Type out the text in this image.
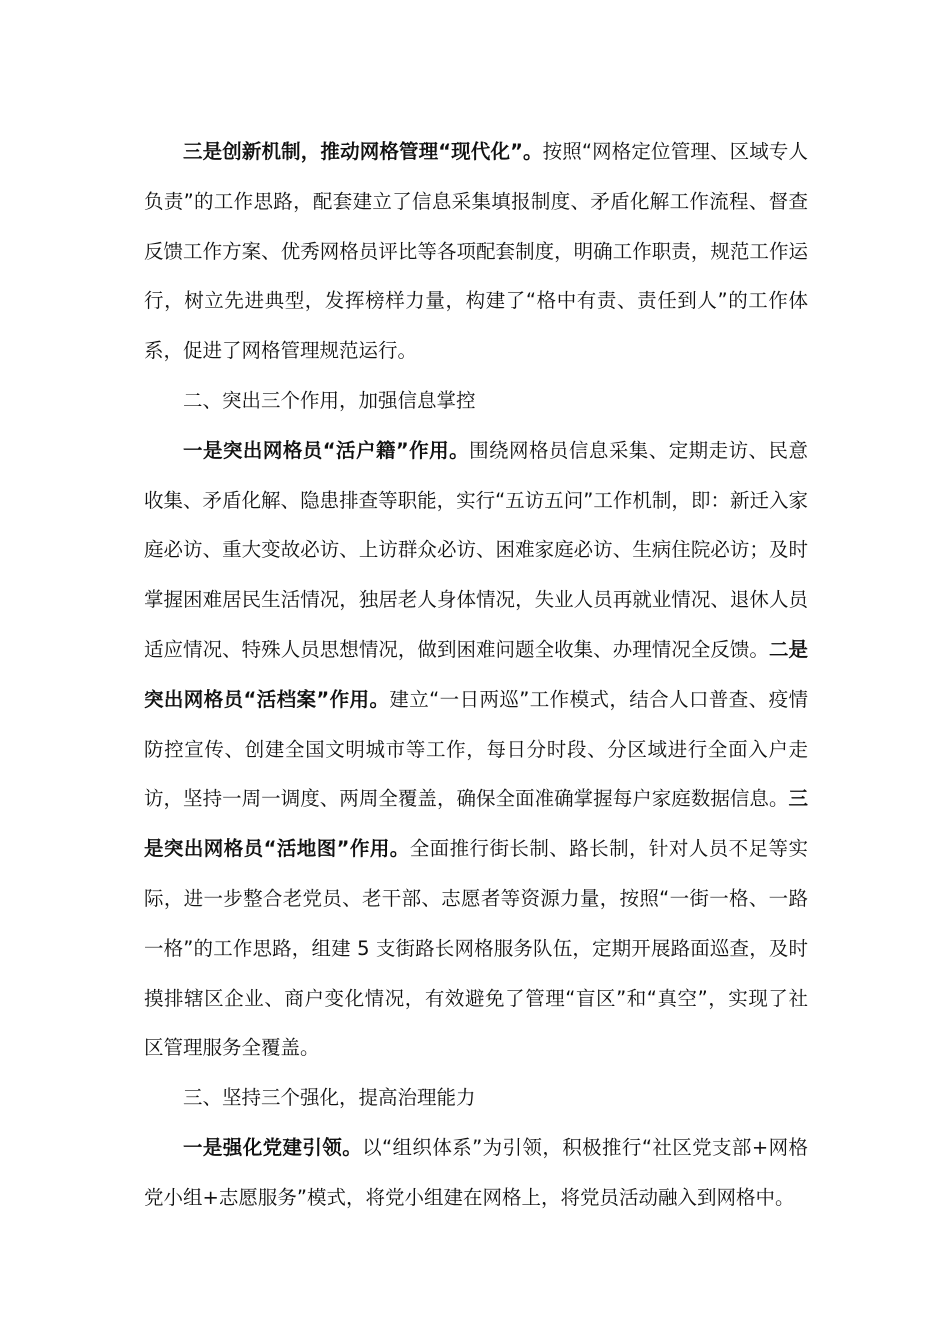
三是创新机制，推动网格管理“现代化”。按照“网格定位管理、区域专人负责”的工作思路，配套建立了信息采集填报制度、矛盾化解工作流程、督查反馈工作方案、优秀网格员评比等各项配套制度，明确工作职责，规范工作运行，树立先进典型，发挥榜样力量，构建了“格中有责、责任到人”的工作体系，促进了网格管理规范运行。

二、突出三个作用，加强信息掌控

一是突出网格员“活户籍”作用。围绕网格员信息采集、定期走访、民意收集、矛盾化解、隐患排查等职能，实行“五访五问”工作机制，即：新迁入家庭必访、重大变故必访、上访群众必访、困难家庭必访、生病住院必访；及时掌握困难居民生活情况，独居老人身体情况，失业人员再就业情况、退休人员适应情况、特殊人员思想情况，做到困难问题全收集、办理情况全反馈。二是突出网格员“活档案”作用。建立“一日两巡”工作模式，结合人口普查、疫情防控宣传、创建全国文明城市等工作，每日分时段、分区域进行全面入户走访，坚持一周一调度、两周全覆盖，确保全面准确掌握每户家庭数据信息。三是突出网格员“活地图”作用。全面推行街长制、路长制，针对人员不足等实际，进一步整合老党员、老干部、志愿者等资源力量，按照“一街一格、一路一格”的工作思路，组建 5 支街路长网格服务队伍，定期开展路面巡查，及时摸排辖区企业、商户变化情况，有效避免了管理“盲区”和“真空”，实现了社区管理服务全覆盖。

三、坚持三个强化，提高治理能力

一是强化党建引领。以“组织体系”为引领，积极推行“社区党支部+网格党小组+志愿服务”模式，将党小组建在网格上，将党员活动融入到网格中。
